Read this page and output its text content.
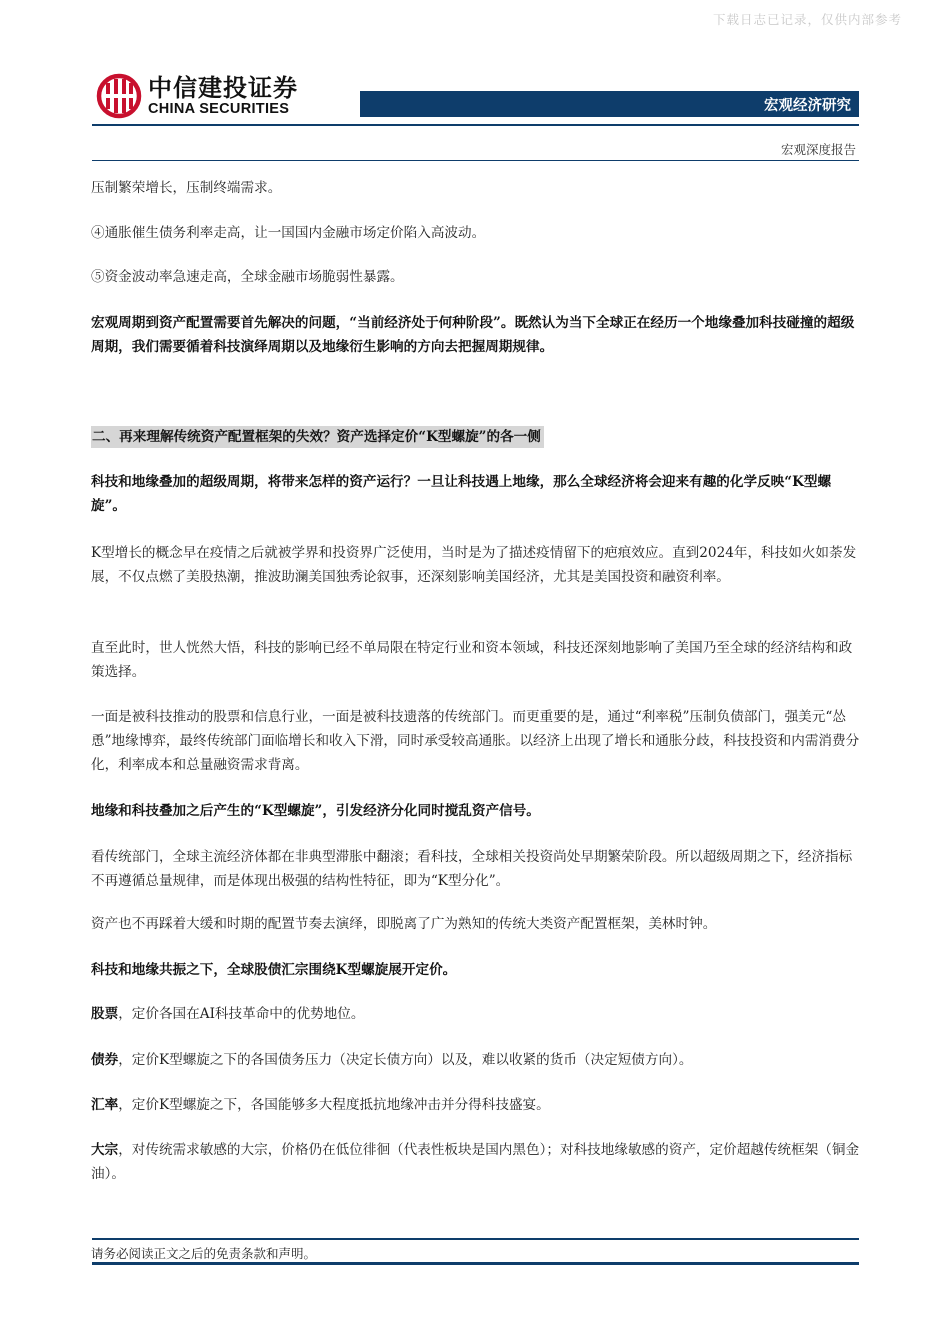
下载日志已记录，仅供内部参考
中信建投证券
CHINA SECURITIES	宏观经济研究
宏观深度报告
压制繁荣增长，压制终端需求。
④通胀催生债务利率走高，让一国国内金融市场定价陷入高波动。
⑤资金波动率急速走高，全球金融市场脆弱性暴露。
宏观周期到资产配置需要首先解决的问题，“当前经济处于何种阶段”。既然认为当下全球正在经历一个地缘叠加科技碰撞的超级周期，我们需要循着科技演绎周期以及地缘衍生影响的方向去把握周期规律。
二、再来理解传统资产配置框架的失效？资产选择定价“K型螺旋”的各一侧
科技和地缘叠加的超级周期，将带来怎样的资产运行？一旦让科技遇上地缘，那么全球经济将会迎来有趣的化学反映“K型螺旋”。
K型增长的概念早在疫情之后就被学界和投资界广泛使用，当时是为了描述疫情留下的疤痕效应。直到2024年，科技如火如荼发展，不仅点燃了美股热潮，推波助澜美国独秀论叙事，还深刻影响美国经济，尤其是美国投资和融资利率。
直至此时，世人恍然大悟，科技的影响已经不单局限在特定行业和资本领域，科技还深刻地影响了美国乃至全球的经济结构和政策选择。
一面是被科技推动的股票和信息行业，一面是被科技遗落的传统部门。而更重要的是，通过“利率税”压制负债部门，强美元“怂恿”地缘博弈，最终传统部门面临增长和收入下滑，同时承受较高通胀。以经济上出现了增长和通胀分歧，科技投资和内需消费分化，利率成本和总量融资需求背离。
地缘和科技叠加之后产生的“K型螺旋”，引发经济分化同时搅乱资产信号。
看传统部门，全球主流经济体都在非典型滞胀中翻滚；看科技，全球相关投资尚处早期繁荣阶段。所以超级周期之下，经济指标不再遵循总量规律，而是体现出极强的结构性特征，即为“K型分化”。
资产也不再踩着大缓和时期的配置节奏去演绎，即脱离了广为熟知的传统大类资产配置框架，美林时钟。
科技和地缘共振之下，全球股债汇宗围绕K型螺旋展开定价。
股票，定价各国在AI科技革命中的优势地位。
债券，定价K型螺旋之下的各国债务压力（决定长债方向）以及，难以收紧的货币（决定短债方向）。
汇率，定价K型螺旋之下，各国能够多大程度抵抗地缘冲击并分得科技盛宴。
大宗，对传统需求敏感的大宗，价格仍在低位徘徊（代表性板块是国内黑色）；对科技地缘敏感的资产，定价超越传统框架（铜金油）。
请务必阅读正文之后的免责条款和声明。
